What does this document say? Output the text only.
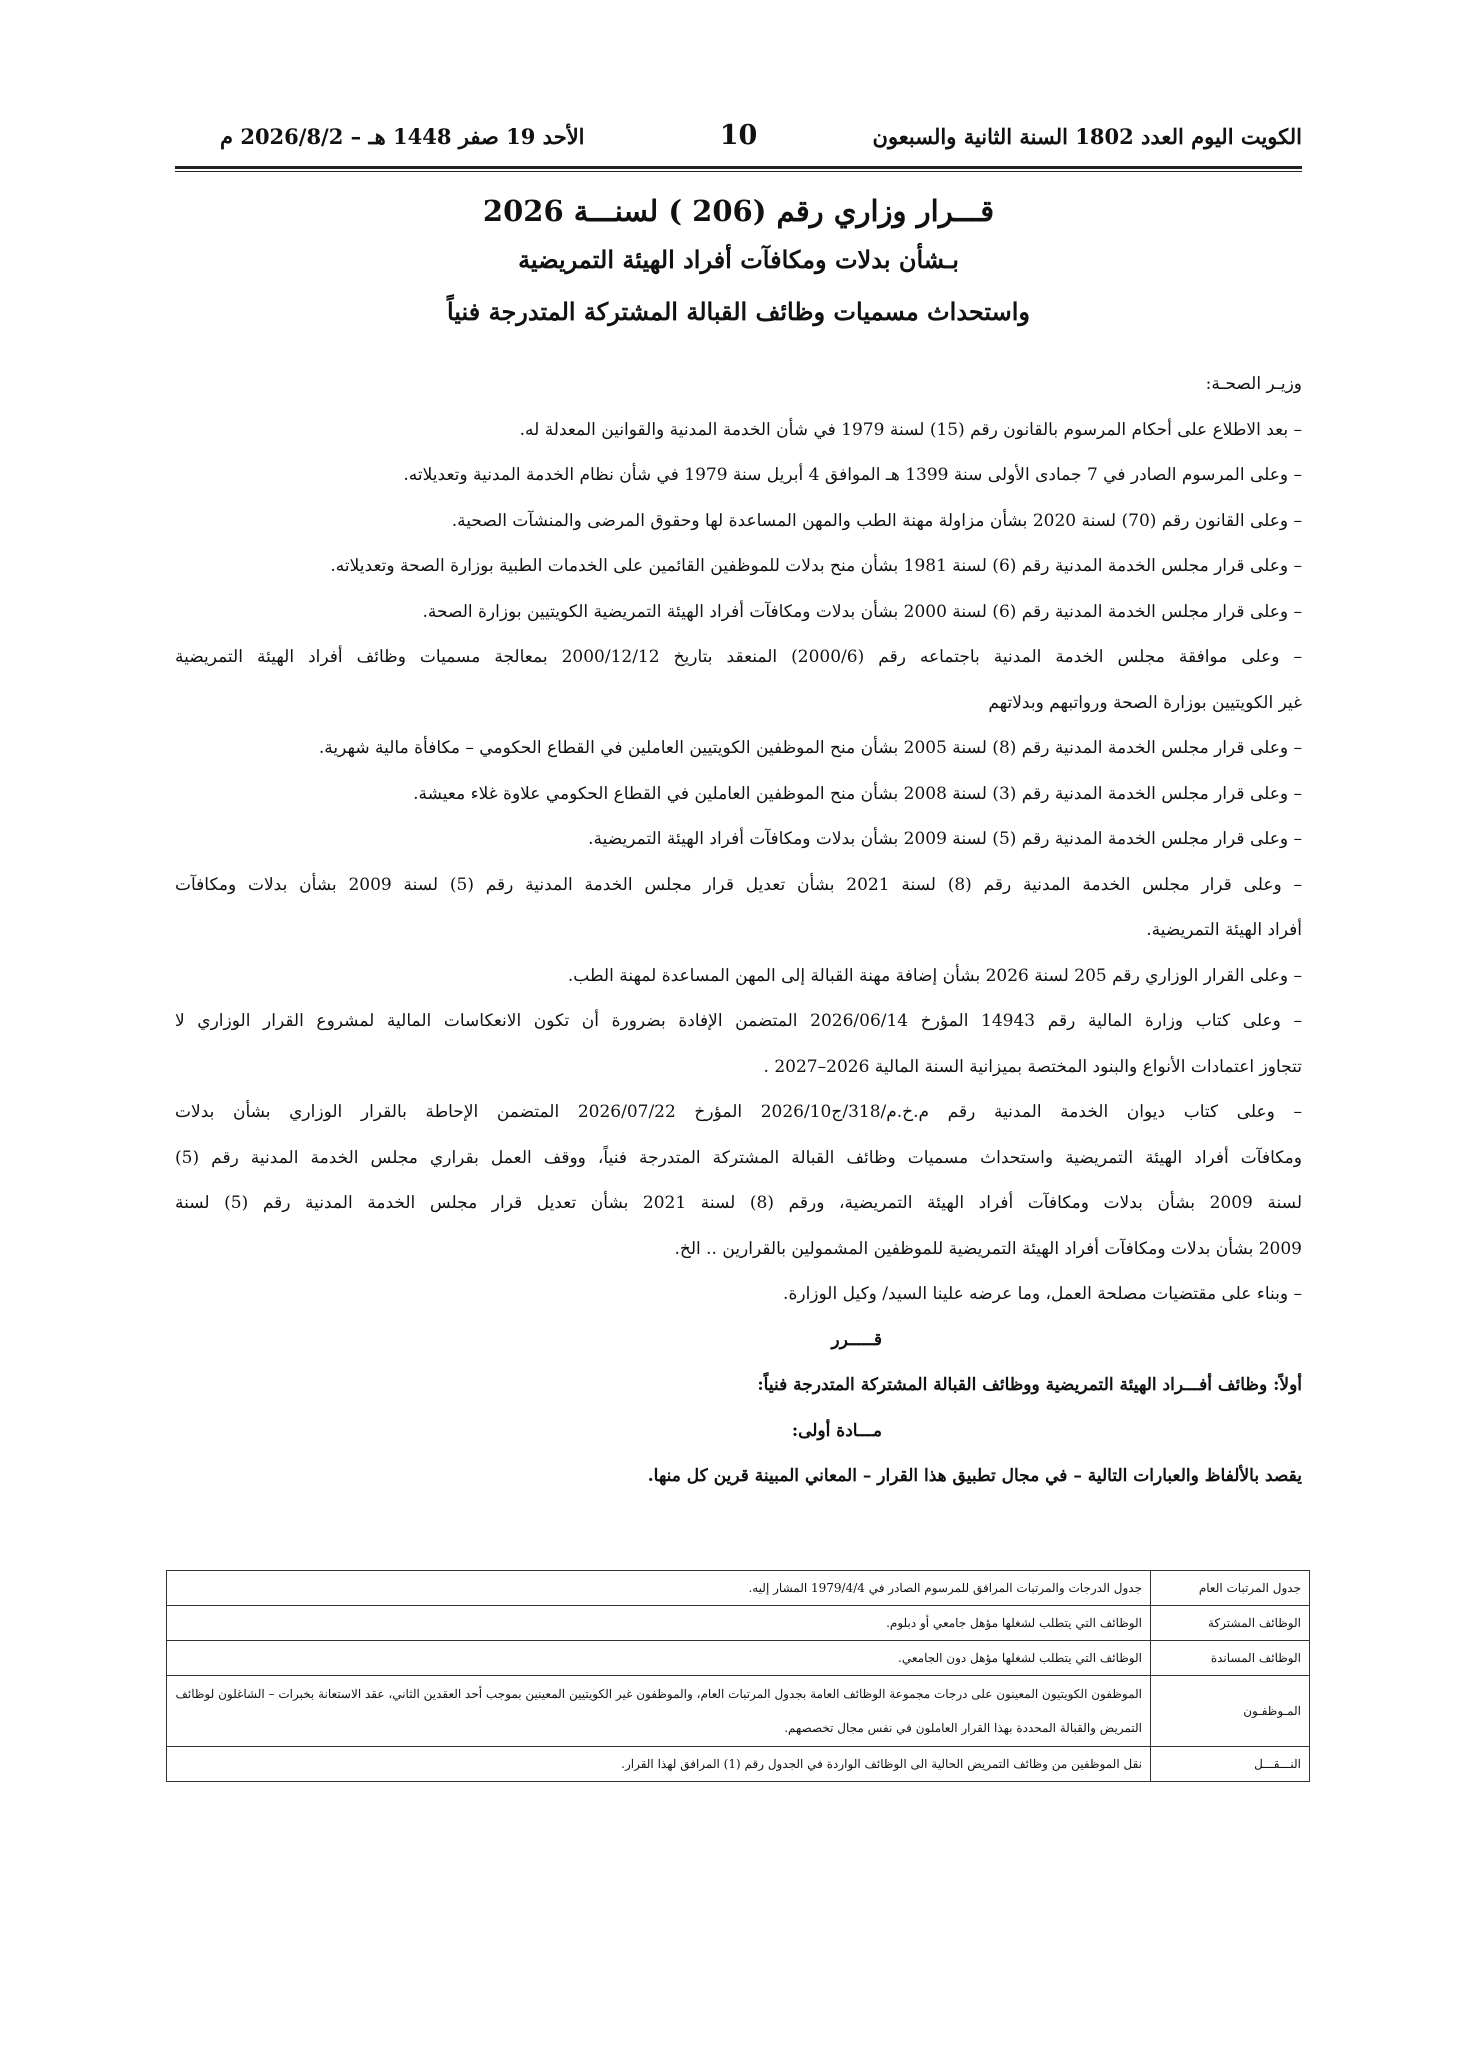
الكويت اليوم العدد 1802 السنة الثانية والسبعون
10
الأحد 19 صفر 1448 هـ – 2026/8/2 م
قـــرار وزاري رقم (206 ) لسنـــة 2026
بـشأن بدلات ومكافآت أفراد الهيئة التمريضية
واستحداث مسميات وظائف القبالة المشتركة المتدرجة فنياً
وزيـر الصحـة:
– بعد الاطلاع على أحكام المرسوم بالقانون رقم (15) لسنة 1979 في شأن الخدمة المدنية والقوانين المعدلة له.
– وعلى المرسوم الصادر في 7 جمادى الأولى سنة 1399 هـ الموافق 4 أبريل سنة 1979 في شأن نظام الخدمة المدنية وتعديلاته.
– وعلى القانون رقم (70) لسنة 2020 بشأن مزاولة مهنة الطب والمهن المساعدة لها وحقوق المرضى والمنشآت الصحية.
– وعلى قرار مجلس الخدمة المدنية رقم (6) لسنة 1981 بشأن منح بدلات للموظفين القائمين على الخدمات الطبية بوزارة الصحة وتعديلاته.
– وعلى قرار مجلس الخدمة المدنية رقم (6) لسنة 2000 بشأن بدلات ومكافآت أفراد الهيئة التمريضية الكويتيين بوزارة الصحة.
– وعلى موافقة مجلس الخدمة المدنية باجتماعه رقم (2000/6) المنعقد بتاريخ 2000/12/12 بمعالجة مسميات وظائف أفراد الهيئة التمريضية
غير الكويتيين بوزارة الصحة ورواتبهم وبدلاتهم
– وعلى قرار مجلس الخدمة المدنية رقم (8) لسنة 2005 بشأن منح الموظفين الكويتيين العاملين في القطاع الحكومي – مكافأة مالية شهرية.
– وعلى قرار مجلس الخدمة المدنية رقم (3) لسنة 2008 بشأن منح الموظفين العاملين في القطاع الحكومي علاوة غلاء معيشة.
– وعلى قرار مجلس الخدمة المدنية رقم (5) لسنة 2009 بشأن بدلات ومكافآت أفراد الهيئة التمريضية.
– وعلى قرار مجلس الخدمة المدنية رقم (8) لسنة 2021 بشأن تعديل قرار مجلس الخدمة المدنية رقم (5) لسنة 2009 بشأن بدلات ومكافآت
أفراد الهيئة التمريضية.
– وعلى القرار الوزاري رقم 205 لسنة 2026 بشأن إضافة مهنة القبالة إلى المهن المساعدة لمهنة الطب.
– وعلى كتاب وزارة المالية رقم 14943 المؤرخ 2026/06/14 المتضمن الإفادة بضرورة أن تكون الانعكاسات المالية لمشروع القرار الوزاري لا
تتجاوز اعتمادات الأنواع والبنود المختصة بميزانية السنة المالية 2026–2027 .
– وعلى كتاب ديوان الخدمة المدنية رقم م.خ.م/318/ج2026/10 المؤرخ 2026/07/22 المتضمن الإحاطة بالقرار الوزاري بشأن بدلات
ومكافآت أفراد الهيئة التمريضية واستحداث مسميات وظائف القبالة المشتركة المتدرجة فنياً، ووقف العمل بقراري مجلس الخدمة المدنية رقم (5)
لسنة 2009 بشأن بدلات ومكافآت أفراد الهيئة التمريضية، ورقم (8) لسنة 2021 بشأن تعديل قرار مجلس الخدمة المدنية رقم (5) لسنة
2009 بشأن بدلات ومكافآت أفراد الهيئة التمريضية للموظفين المشمولين بالقرارين .. الخ.
– وبناء على مقتضيات مصلحة العمل، وما عرضه علينا السيد/ وكيل الوزارة.
قـــــرر
أولاً: وظائف أفـــراد الهيئة التمريضية ووظائف القبالة المشتركة المتدرجة فنياً:
مـــادة أولى:
يقصد بالألفاظ والعبارات التالية – في مجال تطبيق هذا القرار – المعاني المبينة قرين كل منها.
جدول المرتبات العام	جدول الدرجات والمرتبات المرافق للمرسوم الصادر في 1979/4/4 المشار إليه.
الوظائف المشتركة	الوظائف التي يتطلب لشغلها مؤهل جامعي أو دبلوم.
الوظائف المساندة	الوظائف التي يتطلب لشغلها مؤهل دون الجامعي.
المـوظفـون	الموظفون الكويتيون المعينون على درجات مجموعة الوظائف العامة بجدول المرتبات العام، والموظفون غير الكويتيين المعينين بموجب أحد العقدين الثاني، عقد الاستعانة بخبرات – الشاغلون لوظائف التمريض والقبالة المحددة بهذا القرار العاملون في نفس مجال تخصصهم.
النـــقـــل	نقل الموظفين من وظائف التمريض الحالية الى الوظائف الواردة في الجدول رقم (1) المرافق لهذا القرار.
